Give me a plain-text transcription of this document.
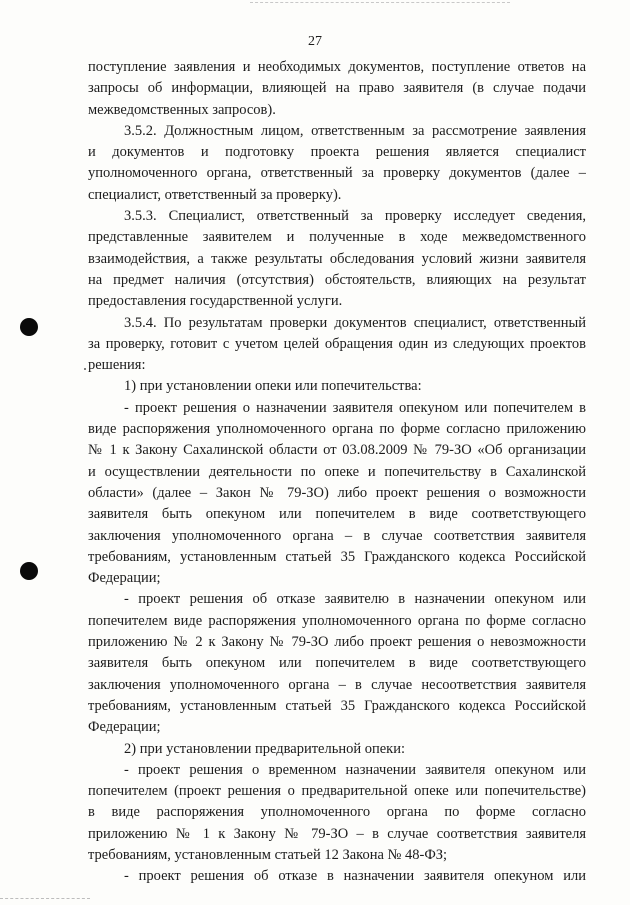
27
поступление заявления и необходимых документов, поступление ответов на
запросы об информации, влияющей на право заявителя (в случае подачи
межведомственных запросов).
3.5.2. Должностным лицом, ответственным за рассмотрение заявления
и документов и подготовку проекта решения является специалист
уполномоченного органа, ответственный за проверку документов (далее –
специалист, ответственный за проверку).
3.5.3. Специалист, ответственный за проверку исследует сведения,
представленные заявителем и полученные в ходе межведомственного
взаимодействия, а также результаты обследования условий жизни заявителя
на предмет наличия (отсутствия) обстоятельств, влияющих на результат
предоставления государственной услуги.
3.5.4. По результатам проверки документов специалист, ответственный
за проверку, готовит с учетом целей обращения один из следующих проектов
решения:
1) при установлении опеки или попечительства:
- проект решения о назначении заявителя опекуном или попечителем в
виде распоряжения уполномоченного органа по форме согласно приложению
№ 1 к Закону Сахалинской области от 03.08.2009 № 79-ЗО «Об организации
и осуществлении деятельности по опеке и попечительству в Сахалинской
области» (далее – Закон № 79-ЗО) либо проект решения о возможности
заявителя быть опекуном или попечителем в виде соответствующего
заключения уполномоченного органа – в случае соответствия заявителя
требованиям, установленным статьей 35 Гражданского кодекса Российской
Федерации;
- проект решения об отказе заявителю в назначении опекуном или
попечителем виде распоряжения уполномоченного органа по форме согласно
приложению № 2 к Закону № 79-ЗО либо проект решения о невозможности
заявителя быть опекуном или попечителем в виде соответствующего
заключения уполномоченного органа – в случае несоответствия заявителя
требованиям, установленным статьей 35 Гражданского кодекса Российской
Федерации;
2) при установлении предварительной опеки:
- проект решения о временном назначении заявителя опекуном или
попечителем (проект решения о предварительной опеке или попечительстве)
в виде распоряжения уполномоченного органа по форме согласно
приложению № 1 к Закону № 79-ЗО – в случае соответствия заявителя
требованиям, установленным статьей 12 Закона № 48-ФЗ;
- проект решения об отказе в назначении заявителя опекуном или
